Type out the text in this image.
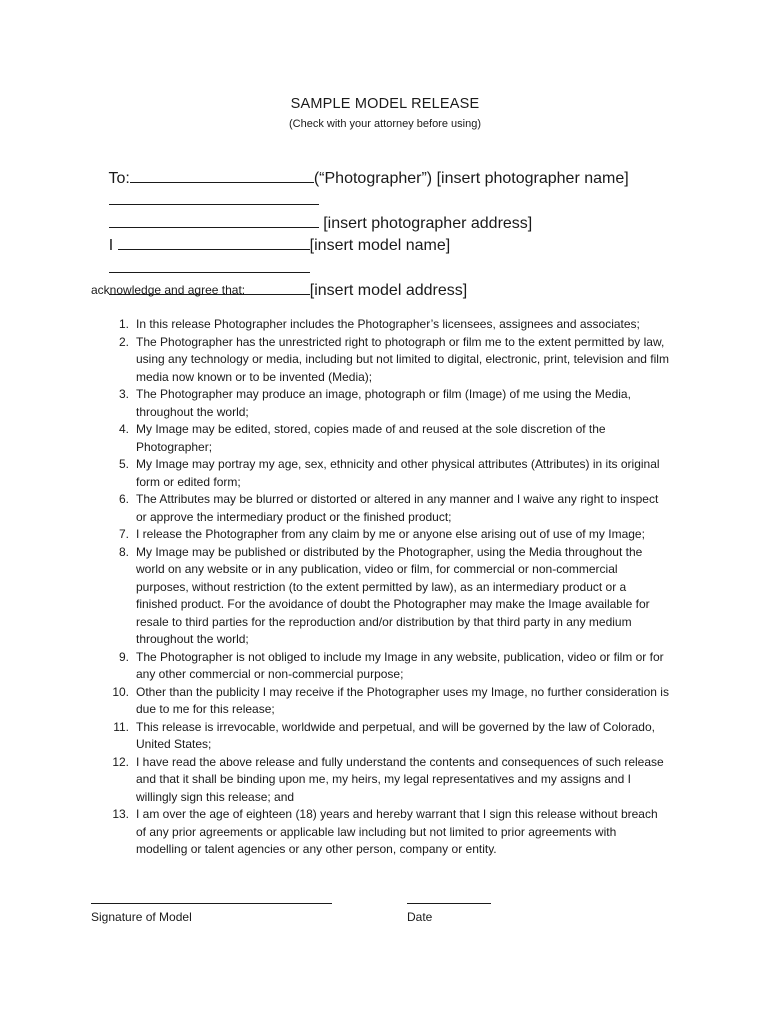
SAMPLE MODEL RELEASE
(Check with your attorney before using)

To:	(“Photographer”) [insert photographer name]

[insert photographer address]

I	[insert model name]

[insert model address]

acknowledge and agree that:
1. In this release Photographer includes the Photographer’s licensees, assignees and associates;
2. The Photographer has the unrestricted right to photograph or film me to the extent permitted by law, using any technology or media, including but not limited to digital, electronic, print, television and film media now known or to be invented (Media);
3. The Photographer may produce an image, photograph or film (Image) of me using the Media, throughout the world;
4. My Image may be edited, stored, copies made of and reused at the sole discretion of the Photographer;
5. My Image may portray my age, sex, ethnicity and other physical attributes (Attributes) in its original form or edited form;
6. The Attributes may be blurred or distorted or altered in any manner and I waive any right to inspect or approve the intermediary product or the finished product;
7. I release the Photographer from any claim by me or anyone else arising out of use of my Image;
8. My Image may be published or distributed by the Photographer, using the Media throughout the world on any website or in any publication, video or film, for commercial or non-commercial purposes, without restriction (to the extent permitted by law), as an intermediary product or a finished product. For the avoidance of doubt the Photographer may make the Image available for resale to third parties for the reproduction and/or distribution by that third party in any medium throughout the world;
9. The Photographer is not obliged to include my Image in any website, publication, video or film or for any other commercial or non-commercial purpose;
10. Other than the publicity I may receive if the Photographer uses my Image, no further consideration is due to me for this release;
11. This release is irrevocable, worldwide and perpetual, and will be governed by the law of Colorado, United States;
12. I have read the above release and fully understand the contents and consequences of such release and that it shall be binding upon me, my heirs, my legal representatives and my assigns and I willingly sign this release; and
13. I am over the age of eighteen (18) years and hereby warrant that I sign this release without breach of any prior agreements or applicable law including but not limited to prior agreements with modelling or talent agencies or any other person, company or entity.
Signature of Model	Date
